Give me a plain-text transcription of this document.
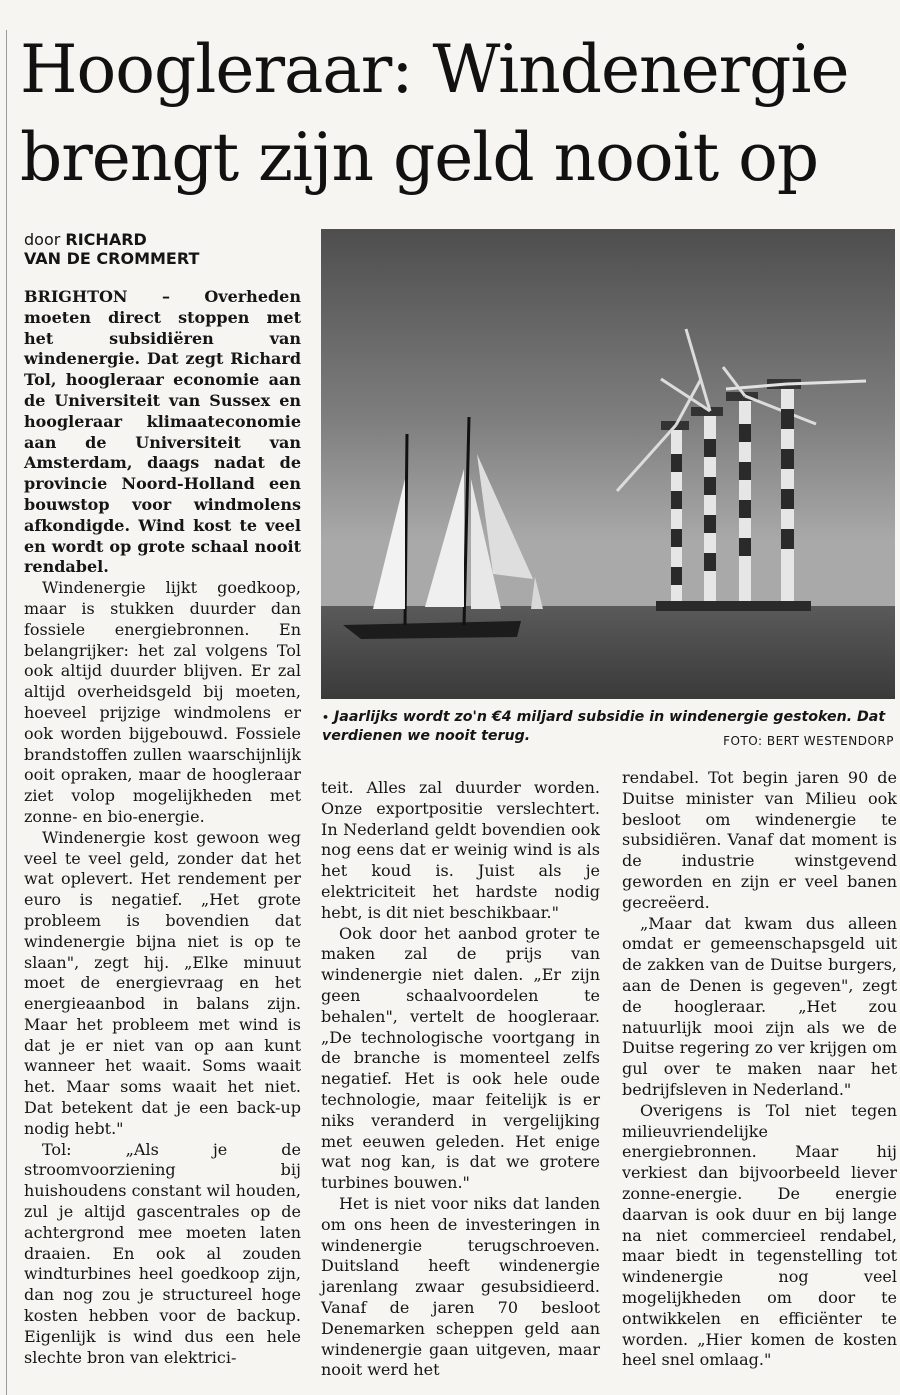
Hoogleraar: Windenergie brengt zijn geld nooit op
door RICHARD
VAN DE CROMMERT
• Jaarlijks wordt zo'n €4 miljard subsidie in windenergie gestoken. Dat verdienen we nooit terug.	FOTO: BERT WESTENDORP

BRIGHTON – Overheden moeten direct stoppen met het subsidiëren van windenergie. Dat zegt Richard Tol, hoogleraar economie aan de Universiteit van Sussex en hoogleraar klimaateconomie aan de Universiteit van Amsterdam, daags nadat de provincie Noord-Holland een bouwstop voor windmolens afkondigde. Wind kost te veel en wordt op grote schaal nooit rendabel.

Windenergie lijkt goedkoop, maar is stukken duurder dan fossiele energiebronnen. En belangrijker: het zal volgens Tol ook altijd duurder blijven. Er zal altijd overheidsgeld bij moeten, hoeveel prijzige windmolens er ook worden bijgebouwd. Fossiele brandstoffen zullen waarschijnlijk ooit opraken, maar de hoogleraar ziet volop mogelijkheden met zonne- en bio-energie.

Windenergie kost gewoon weg veel te veel geld, zonder dat het wat oplevert. Het rendement per euro is negatief. „Het grote probleem is bovendien dat windenergie bijna niet is op te slaan", zegt hij. „Elke minuut moet de energievraag en het energieaanbod in balans zijn. Maar het probleem met wind is dat je er niet van op aan kunt wanneer het waait. Soms waait het. Maar soms waait het niet. Dat betekent dat je een back-up nodig hebt."

Tol: „Als je de stroomvoorziening bij huishoudens constant wil houden, zul je altijd gascentrales op de achtergrond mee moeten laten draaien. En ook al zouden windturbines heel goedkoop zijn, dan nog zou je structureel hoge kosten hebben voor de backup. Eigenlijk is wind dus een hele slechte bron van elektrici-

teit. Alles zal duurder worden. Onze exportpositie verslechtert. In Nederland geldt bovendien ook nog eens dat er weinig wind is als het koud is. Juist als je elektriciteit het hardste nodig hebt, is dit niet beschikbaar."

Ook door het aanbod groter te maken zal de prijs van windenergie niet dalen. „Er zijn geen schaalvoordelen te behalen", vertelt de hoogleraar. „De technologische voortgang in de branche is momenteel zelfs negatief. Het is ook hele oude technologie, maar feitelijk is er niks veranderd in vergelijking met eeuwen geleden. Het enige wat nog kan, is dat we grotere turbines bouwen."

Het is niet voor niks dat landen om ons heen de investeringen in windenergie terugschroeven. Duitsland heeft windenergie jarenlang zwaar gesubsidieerd. Vanaf de jaren 70 besloot Denemarken scheppen geld aan windenergie gaan uitgeven, maar nooit werd het

rendabel. Tot begin jaren 90 de Duitse minister van Milieu ook besloot om windenergie te subsidiëren. Vanaf dat moment is de industrie winstgevend geworden en zijn er veel banen gecreëerd.

„Maar dat kwam dus alleen omdat er gemeenschapsgeld uit de zakken van de Duitse burgers, aan de Denen is gegeven", zegt de hoogleraar. „Het zou natuurlijk mooi zijn als we de Duitse regering zo ver krijgen om gul over te maken naar het bedrijfsleven in Nederland."

Overigens is Tol niet tegen milieuvriendelijke energiebronnen. Maar hij verkiest dan bijvoorbeeld liever zonne-energie. De energie daarvan is ook duur en bij lange na niet commercieel rendabel, maar biedt in tegenstelling tot windenergie nog veel mogelijkheden om door te ontwikkelen en efficiënter te worden. „Hier komen de kosten heel snel omlaag."
